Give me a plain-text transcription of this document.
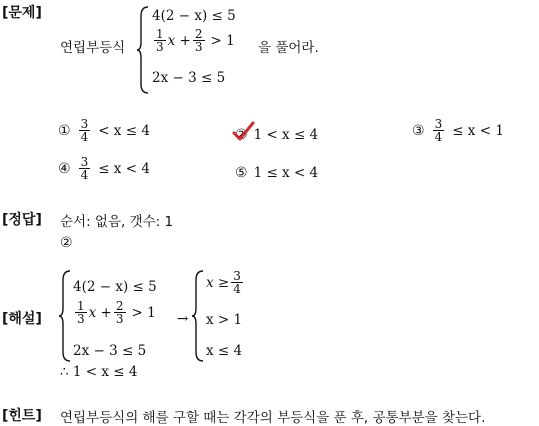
[문제]
연립부등식
4(2 − x) ≤ 5
$\frac{1}{3}$ $x + \frac{2}{3} > 1$
2x − 3 ≤ 5
을 풀어라.
① $\frac{3}{4} < x \le 4$	② 1 < x ≤ 4	③ $\frac{3}{4} \le x < 1$
④ $\frac{3}{4} \le x < 4$	⑤ 1 ≤ x < 4
[정답] 순서: 없음, 갯수: 1
②
[해설]
4(2 − x) ≤ 5
$\frac{1}{3}$ $x + \frac{2}{3} > 1$
2x − 3 ≤ 5
→
$x \ge \frac{3}{4}$
x > 1
x ≤ 4
∴ 1 < x ≤ 4
[힌트] 연립부등식의 해를 구할 때는 각각의 부등식을 푼 후, 공통부분을 찾는다.
